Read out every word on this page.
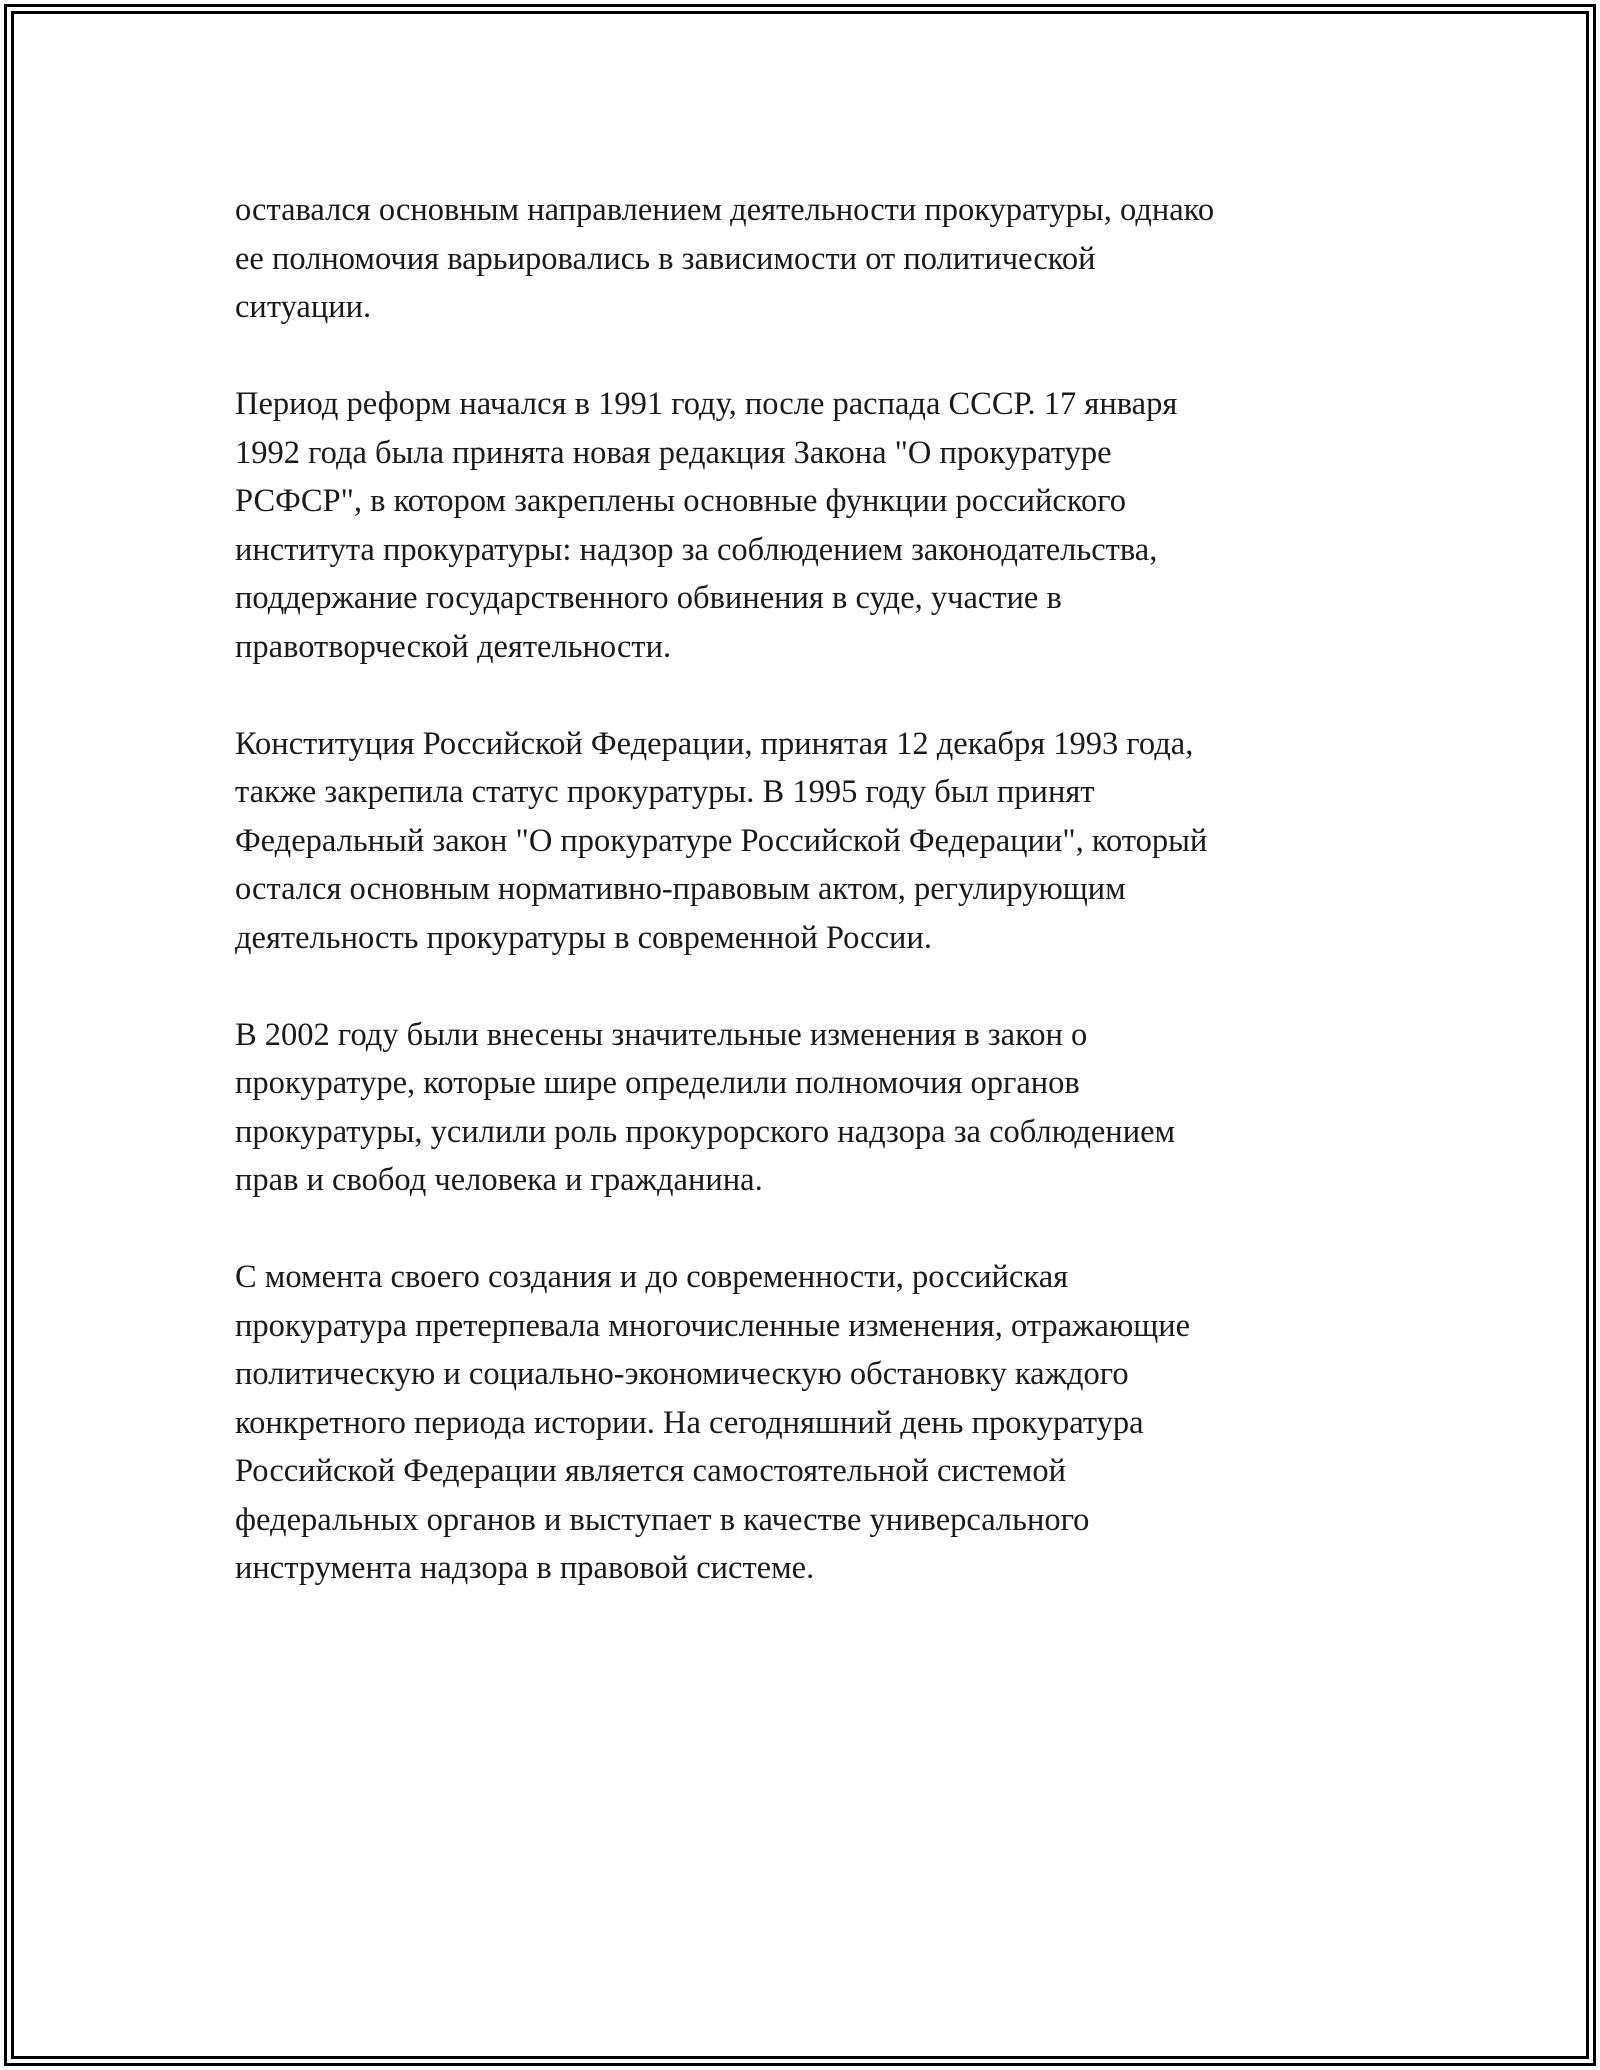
оставался основным направлением деятельности прокуратуры, однако
ее полномочия варьировались в зависимости от политической
ситуации.

Период реформ начался в 1991 году, после распада СССР. 17 января
1992 года была принята новая редакция Закона "О прокуратуре
РСФСР", в котором закреплены основные функции российского
института прокуратуры: надзор за соблюдением законодательства,
поддержание государственного обвинения в суде, участие в
правотворческой деятельности.

Конституция Российской Федерации, принятая 12 декабря 1993 года,
также закрепила статус прокуратуры. В 1995 году был принят
Федеральный закон "О прокуратуре Российской Федерации", который
остался основным нормативно-правовым актом, регулирующим
деятельность прокуратуры в современной России.

В 2002 году были внесены значительные изменения в закон о
прокуратуре, которые шире определили полномочия органов
прокуратуры, усилили роль прокурорского надзора за соблюдением
прав и свобод человека и гражданина.

С момента своего создания и до современности, российская
прокуратура претерпевала многочисленные изменения, отражающие
политическую и социально-экономическую обстановку каждого
конкретного периода истории. На сегодняшний день прокуратура
Российской Федерации является самостоятельной системой
федеральных органов и выступает в качестве универсального
инструмента надзора в правовой системе.
